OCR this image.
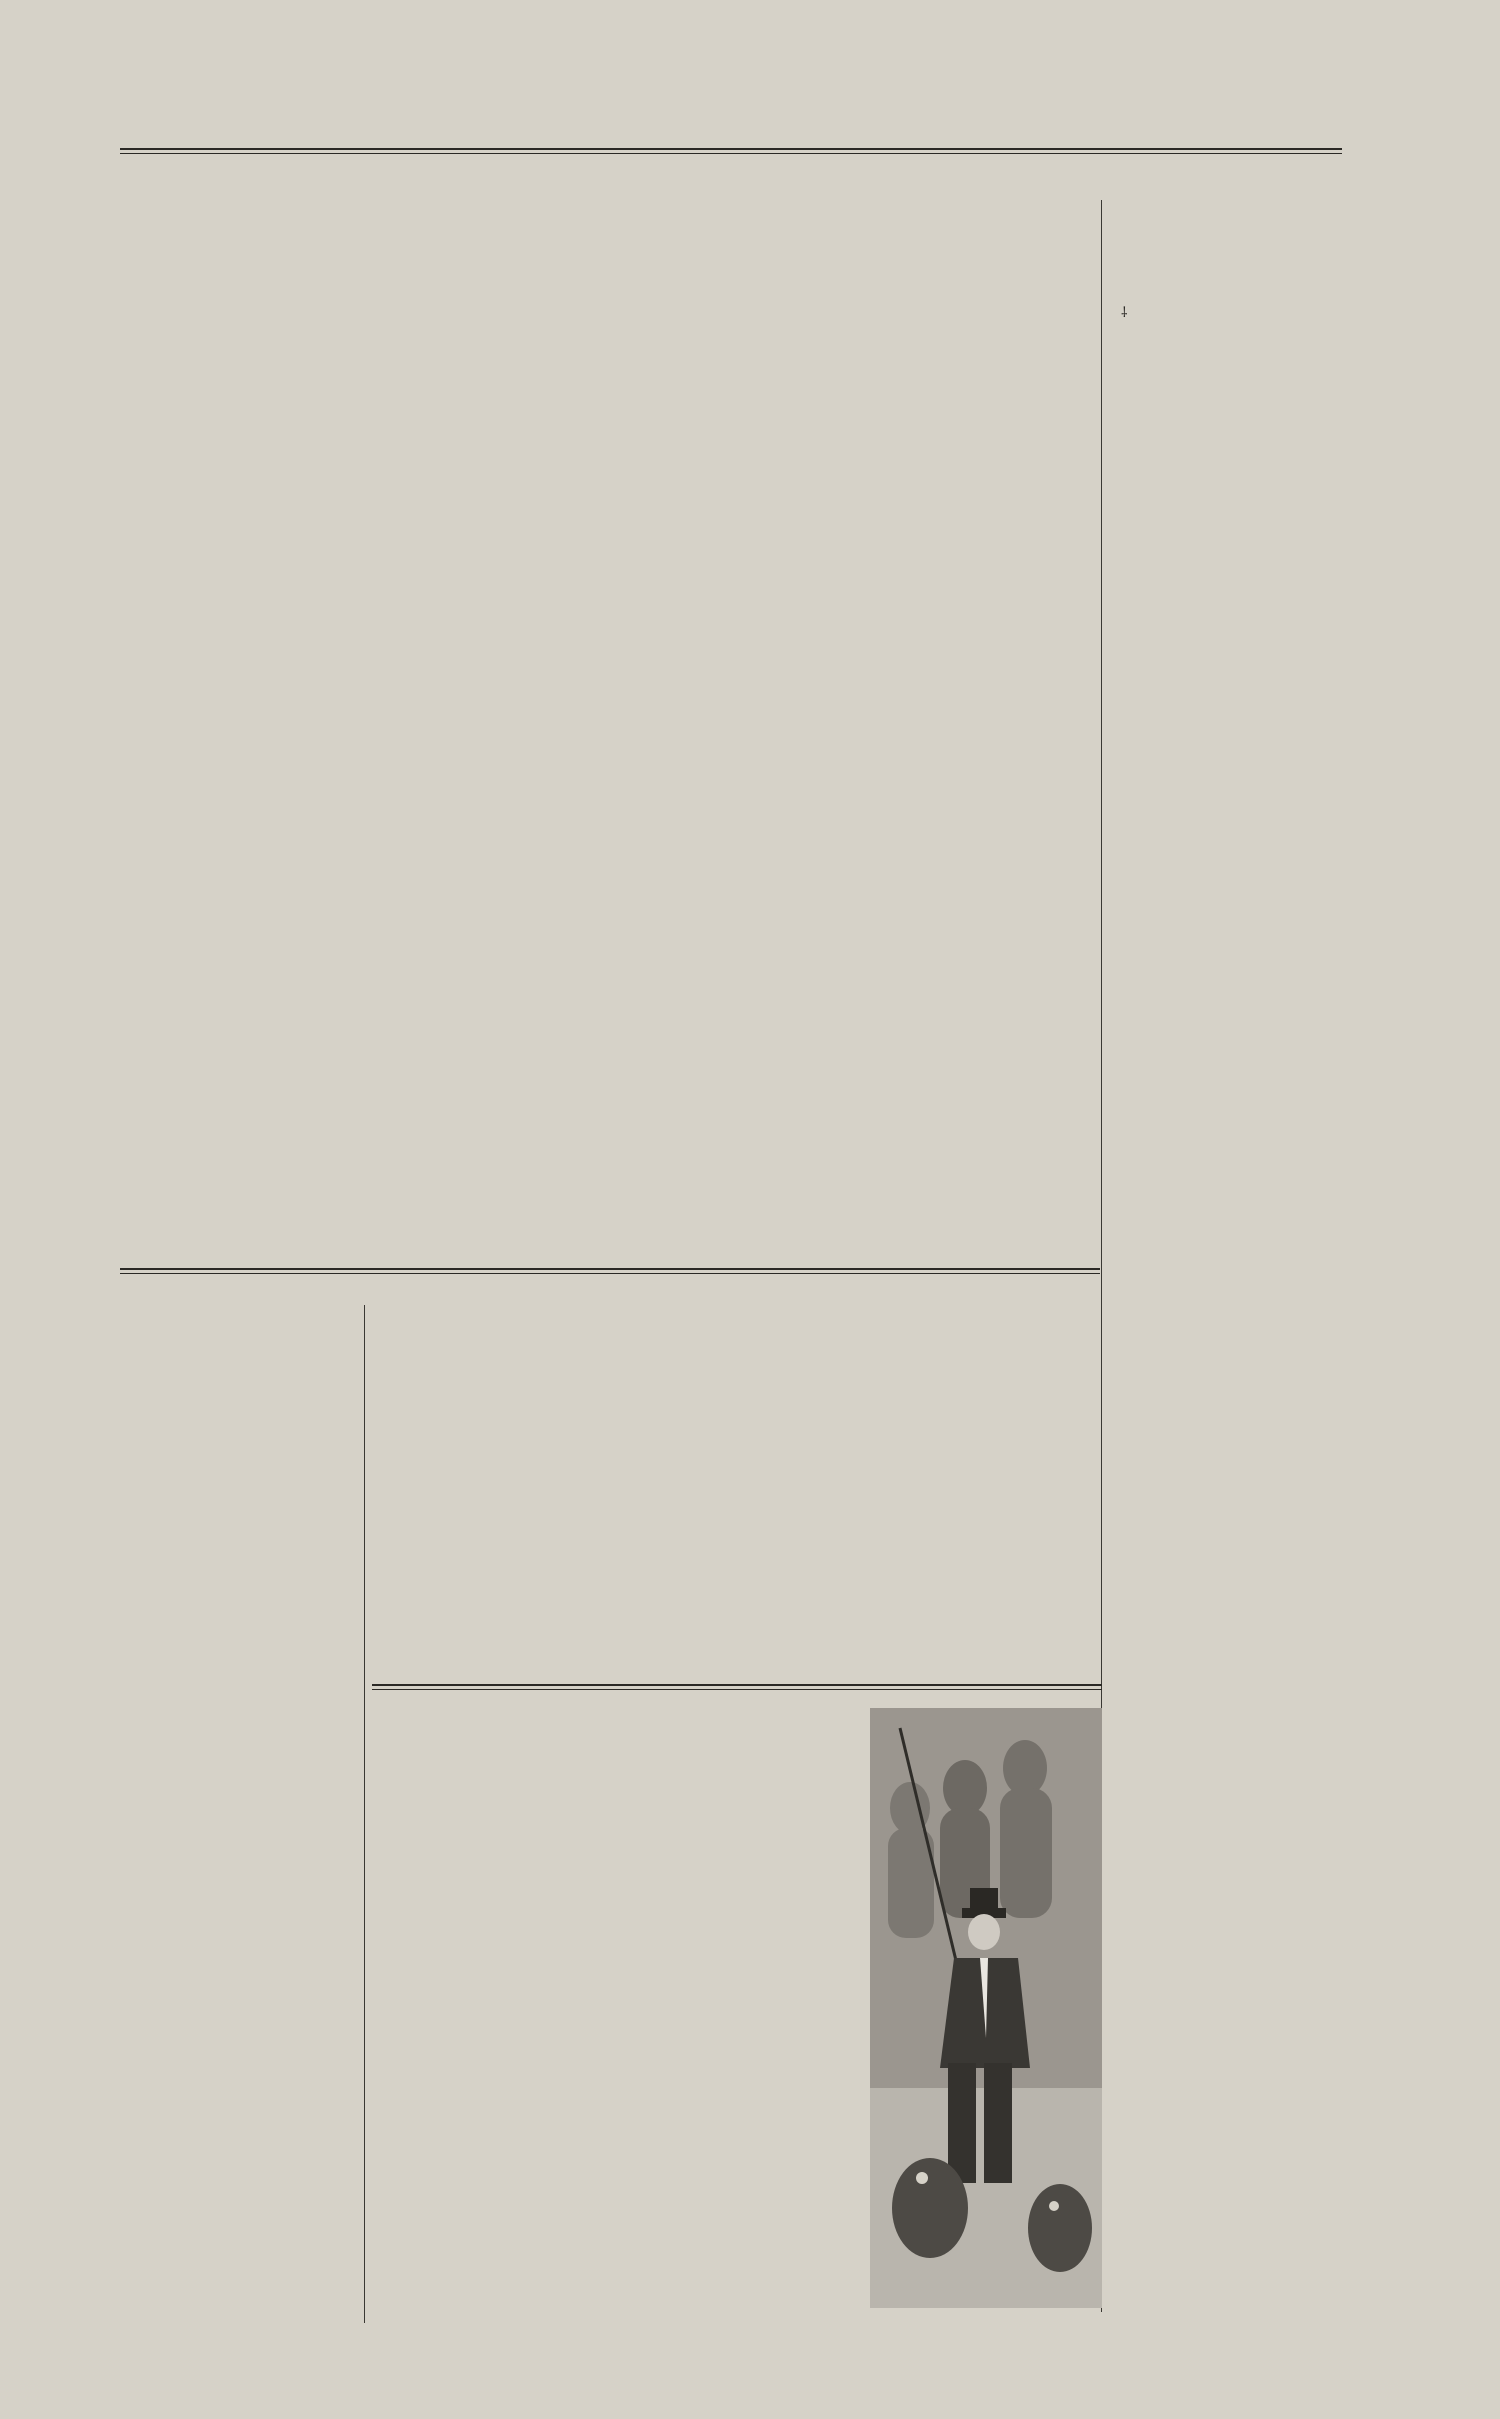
⸸
